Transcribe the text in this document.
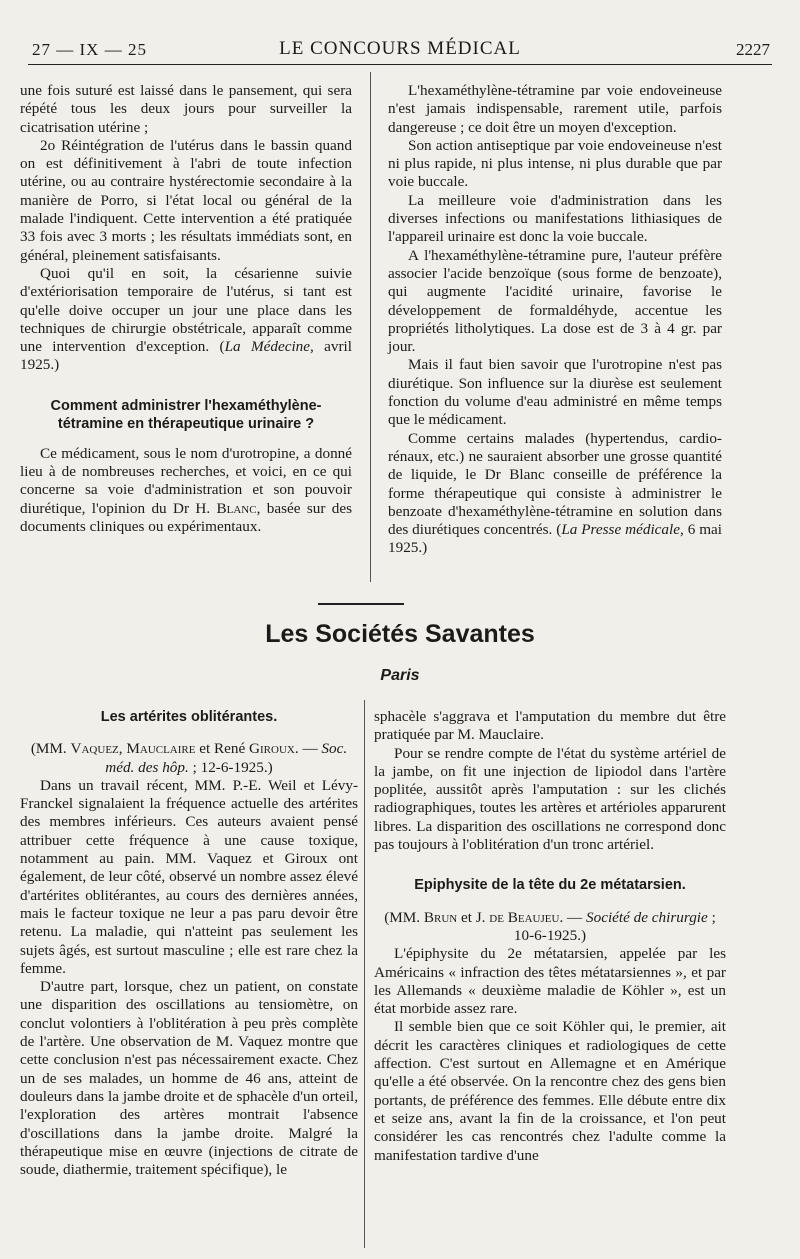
27 — IX — 25	LE CONCOURS MÉDICAL	2227

une fois suturé est laissé dans le pansement, qui sera répété tous les deux jours pour surveiller la cicatrisation utérine ;

2o Réintégration de l'utérus dans le bassin quand on est définitivement à l'abri de toute infection utérine, ou au contraire hystérectomie secondaire à la manière de Porro, si l'état local ou général de la malade l'indiquent. Cette intervention a été pratiquée 33 fois avec 3 morts ; les résultats immédiats sont, en général, pleinement satisfaisants.

Quoi qu'il en soit, la césarienne suivie d'extériorisation temporaire de l'utérus, si tant est qu'elle doive occuper un jour une place dans les techniques de chirurgie obstétricale, apparaît comme une intervention d'exception. (La Médecine, avril 1925.)

Comment administrer l'hexaméthylène-tétramine en thérapeutique urinaire ?

Ce médicament, sous le nom d'urotropine, a donné lieu à de nombreuses recherches, et voici, en ce qui concerne sa voie d'administration et son pouvoir diurétique, l'opinion du Dr H. Blanc, basée sur des documents cliniques ou expérimentaux.

L'hexaméthylène-tétramine par voie endoveineuse n'est jamais indispensable, rarement utile, parfois dangereuse ; ce doit être un moyen d'exception.

Son action antiseptique par voie endoveineuse n'est ni plus rapide, ni plus intense, ni plus durable que par voie buccale.

La meilleure voie d'administration dans les diverses infections ou manifestations lithiasiques de l'appareil urinaire est donc la voie buccale.

A l'hexaméthylène-tétramine pure, l'auteur préfère associer l'acide benzoïque (sous forme de benzoate), qui augmente l'acidité urinaire, favorise le développement de formaldéhyde, accentue les propriétés litholytiques. La dose est de 3 à 4 gr. par jour.

Mais il faut bien savoir que l'urotropine n'est pas diurétique. Son influence sur la diurèse est seulement fonction du volume d'eau administré en même temps que le médicament.

Comme certains malades (hypertendus, cardio-rénaux, etc.) ne sauraient absorber une grosse quantité de liquide, le Dr Blanc conseille de préférence la forme thérapeutique qui consiste à administrer le benzoate d'hexaméthylène-tétramine en solution dans des diurétiques concentrés. (La Presse médicale, 6 mai 1925.)

Les Sociétés Savantes
Paris
Les artérites oblitérantes.

(MM. Vaquez, Mauclaire et René Giroux. — Soc. méd. des hôp. ; 12-6-1925.)

Dans un travail récent, MM. P.-E. Weil et Lévy-Franckel signalaient la fréquence actuelle des artérites des membres inférieurs. Ces auteurs avaient pensé attribuer cette fréquence à une cause toxique, notamment au pain. MM. Vaquez et Giroux ont également, de leur côté, observé un nombre assez élevé d'artérites oblitérantes, au cours des dernières années, mais le facteur toxique ne leur a pas paru devoir être retenu. La maladie, qui n'atteint pas seulement les sujets âgés, est surtout masculine ; elle est rare chez la femme.

D'autre part, lorsque, chez un patient, on constate une disparition des oscillations au tensiomètre, on conclut volontiers à l'oblitération à peu près complète de l'artère. Une observation de M. Vaquez montre que cette conclusion n'est pas nécessairement exacte. Chez un de ses malades, un homme de 46 ans, atteint de douleurs dans la jambe droite et de sphacèle d'un orteil, l'exploration des artères montrait l'absence d'oscillations dans la jambe droite. Malgré la thérapeutique mise en œuvre (injections de citrate de soude, diathermie, traitement spécifique), le

sphacèle s'aggrava et l'amputation du membre dut être pratiquée par M. Mauclaire.

Pour se rendre compte de l'état du système artériel de la jambe, on fit une injection de lipiodol dans l'artère poplitée, aussitôt après l'amputation : sur les clichés radiographiques, toutes les artères et artérioles apparurent libres. La disparition des oscillations ne correspond donc pas toujours à l'oblitération d'un tronc artériel.

Epiphysite de la tête du 2e métatarsien.

(MM. Brun et J. de Beaujeu. — Société de chirurgie ; 10-6-1925.)

L'épiphysite du 2e métatarsien, appelée par les Américains « infraction des têtes métatarsiennes », et par les Allemands « deuxième maladie de Köhler », est un état morbide assez rare.

Il semble bien que ce soit Köhler qui, le premier, ait décrit les caractères cliniques et radiologiques de cette affection. C'est surtout en Allemagne et en Amérique qu'elle a été observée. On la rencontre chez des gens bien portants, de préférence des femmes. Elle débute entre dix et seize ans, avant la fin de la croissance, et l'on peut considérer les cas rencontrés chez l'adulte comme la manifestation tardive d'une
